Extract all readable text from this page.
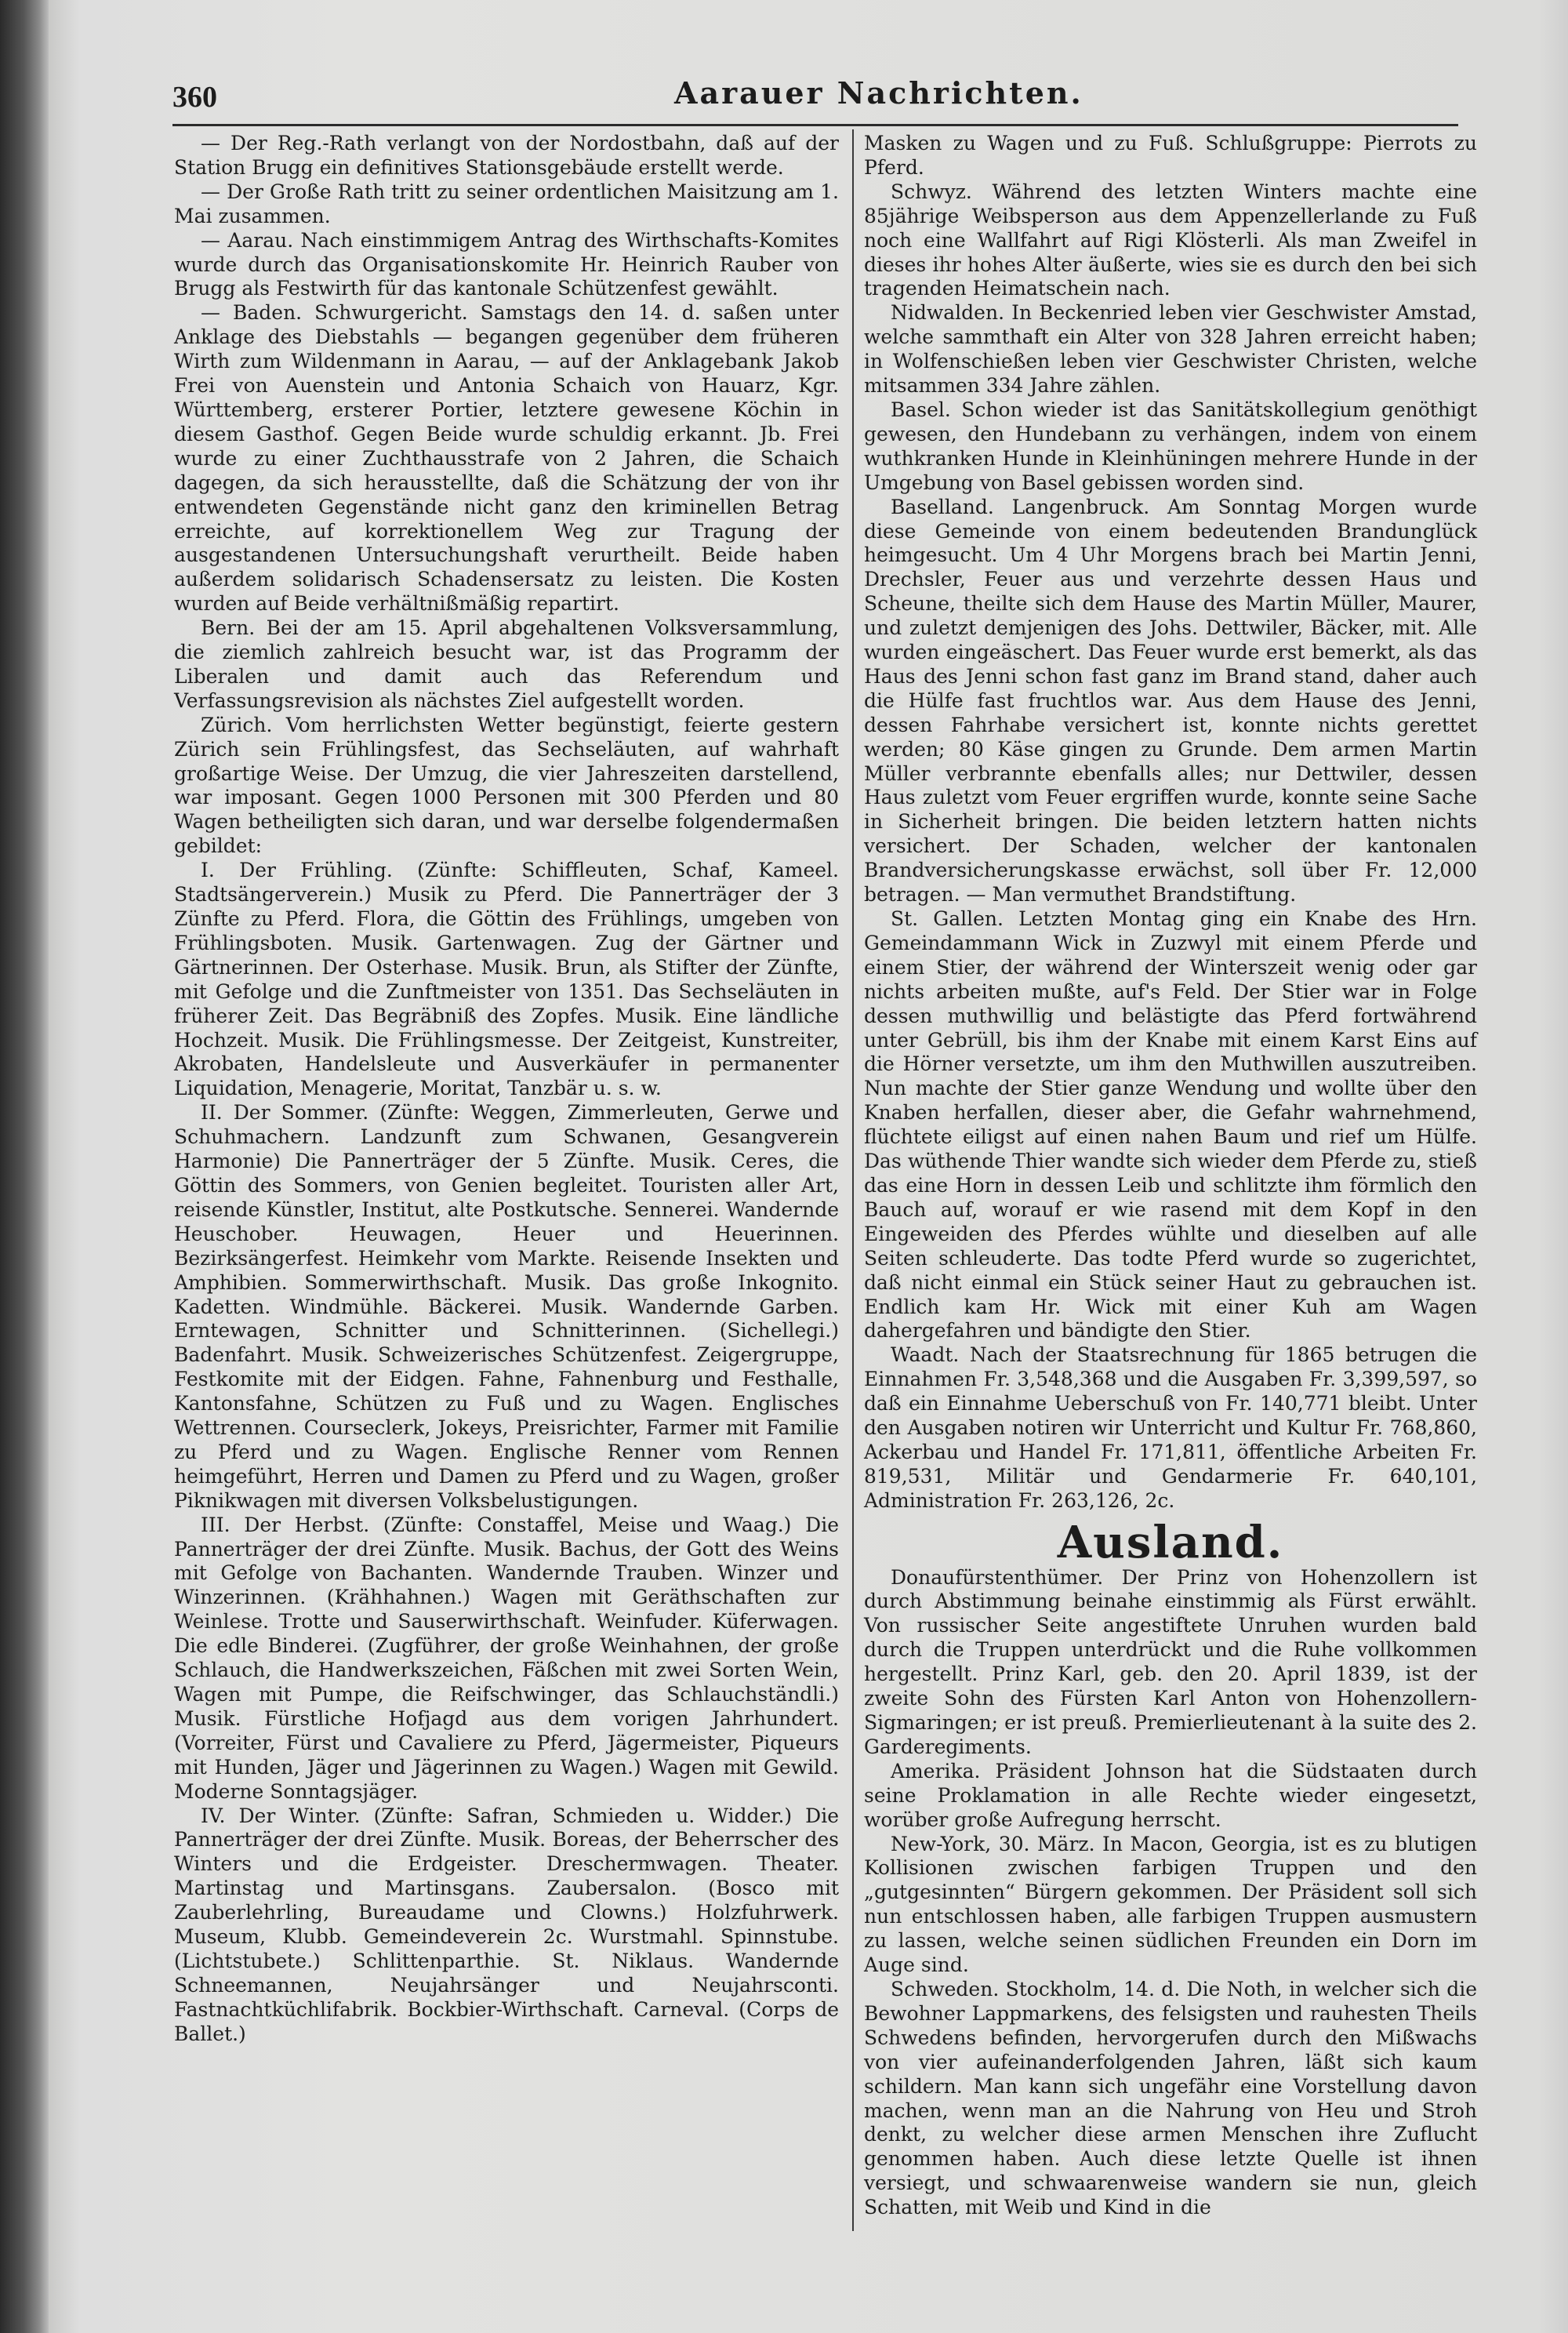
360	Aarauer Nachrichten.

— Der Reg.-Rath verlangt von der Nordostbahn, daß auf der Station Brugg ein definitives Stationsgebäude erstellt werde.

— Der Große Rath tritt zu seiner ordentlichen Maisitzung am 1. Mai zusammen.

— Aarau. Nach einstimmigem Antrag des Wirthschafts-Komites wurde durch das Organisationskomite Hr. Heinrich Rauber von Brugg als Festwirth für das kantonale Schützenfest gewählt.

— Baden. Schwurgericht. Samstags den 14. d. saßen unter Anklage des Diebstahls — begangen gegenüber dem früheren Wirth zum Wildenmann in Aarau, — auf der Anklagebank Jakob Frei von Auenstein und Antonia Schaich von Hauarz, Kgr. Württemberg, ersterer Portier, letztere gewesene Köchin in diesem Gasthof. Gegen Beide wurde schuldig erkannt. Jb. Frei wurde zu einer Zuchthausstrafe von 2 Jahren, die Schaich dagegen, da sich herausstellte, daß die Schätzung der von ihr entwendeten Gegenstände nicht ganz den kriminellen Betrag erreichte, auf korrektionellem Weg zur Tragung der ausgestandenen Untersuchungshaft verurtheilt. Beide haben außerdem solidarisch Schadensersatz zu leisten. Die Kosten wurden auf Beide verhältnißmäßig repartirt.

Bern. Bei der am 15. April abgehaltenen Volksversammlung, die ziemlich zahlreich besucht war, ist das Programm der Liberalen und damit auch das Referendum und Verfassungsrevision als nächstes Ziel aufgestellt worden.

Zürich. Vom herrlichsten Wetter begünstigt, feierte gestern Zürich sein Frühlingsfest, das Sechseläuten, auf wahrhaft großartige Weise. Der Umzug, die vier Jahreszeiten darstellend, war imposant. Gegen 1000 Personen mit 300 Pferden und 80 Wagen betheiligten sich daran, und war derselbe folgendermaßen gebildet:

I. Der Frühling. (Zünfte: Schiffleuten, Schaf, Kameel. Stadtsängerverein.) Musik zu Pferd. Die Pannerträger der 3 Zünfte zu Pferd. Flora, die Göttin des Frühlings, umgeben von Frühlingsboten. Musik. Gartenwagen. Zug der Gärtner und Gärtnerinnen. Der Osterhase. Musik. Brun, als Stifter der Zünfte, mit Gefolge und die Zunftmeister von 1351. Das Sechseläuten in früherer Zeit. Das Begräbniß des Zopfes. Musik. Eine ländliche Hochzeit. Musik. Die Frühlingsmesse. Der Zeitgeist, Kunstreiter, Akrobaten, Handelsleute und Ausverkäufer in permanenter Liquidation, Menagerie, Moritat, Tanzbär u. s. w.

II. Der Sommer. (Zünfte: Weggen, Zimmerleuten, Gerwe und Schuhmachern. Landzunft zum Schwanen, Gesangverein Harmonie) Die Pannerträger der 5 Zünfte. Musik. Ceres, die Göttin des Sommers, von Genien begleitet. Touristen aller Art, reisende Künstler, Institut, alte Postkutsche. Sennerei. Wandernde Heuschober. Heuwagen, Heuer und Heuerinnen. Bezirksängerfest. Heimkehr vom Markte. Reisende Insekten und Amphibien. Sommerwirthschaft. Musik. Das große Inkognito. Kadetten. Windmühle. Bäckerei. Musik. Wandernde Garben. Erntewagen, Schnitter und Schnitterinnen. (Sichellegi.) Badenfahrt. Musik. Schweizerisches Schützenfest. Zeigergruppe, Festkomite mit der Eidgen. Fahne, Fahnenburg und Festhalle, Kantonsfahne, Schützen zu Fuß und zu Wagen. Englisches Wettrennen. Courseclerk, Jokeys, Preisrichter, Farmer mit Familie zu Pferd und zu Wagen. Englische Renner vom Rennen heimgeführt, Herren und Damen zu Pferd und zu Wagen, großer Piknikwagen mit diversen Volksbelustigungen.

III. Der Herbst. (Zünfte: Constaffel, Meise und Waag.) Die Pannerträger der drei Zünfte. Musik. Bachus, der Gott des Weins mit Gefolge von Bachanten. Wandernde Trauben. Winzer und Winzerinnen. (Krähhahnen.) Wagen mit Geräthschaften zur Weinlese. Trotte und Sauserwirthschaft. Weinfuder. Küferwagen. Die edle Binderei. (Zugführer, der große Weinhahnen, der große Schlauch, die Handwerkszeichen, Fäßchen mit zwei Sorten Wein, Wagen mit Pumpe, die Reifschwinger, das Schlauchständli.) Musik. Fürstliche Hofjagd aus dem vorigen Jahrhundert. (Vorreiter, Fürst und Cavaliere zu Pferd, Jägermeister, Piqueurs mit Hunden, Jäger und Jägerinnen zu Wagen.) Wagen mit Gewild. Moderne Sonntagsjäger.

IV. Der Winter. (Zünfte: Safran, Schmieden u. Widder.) Die Pannerträger der drei Zünfte. Musik. Boreas, der Beherrscher des Winters und die Erdgeister. Dreschermwagen. Theater. Martinstag und Martinsgans. Zaubersalon. (Bosco mit Zauberlehrling, Bureaudame und Clowns.) Holzfuhrwerk. Museum, Klubb. Gemeindeverein 2c. Wurstmahl. Spinnstube. (Lichtstubete.) Schlittenparthie. St. Niklaus. Wandernde Schneemannen, Neujahrsänger und Neujahrsconti. Fastnachtküchlifabrik. Bockbier-Wirthschaft. Carneval. (Corps de Ballet.)

Masken zu Wagen und zu Fuß. Schlußgruppe: Pierrots zu Pferd.

Schwyz. Während des letzten Winters machte eine 85jährige Weibsperson aus dem Appenzellerlande zu Fuß noch eine Wallfahrt auf Rigi Klösterli. Als man Zweifel in dieses ihr hohes Alter äußerte, wies sie es durch den bei sich tragenden Heimatschein nach.

Nidwalden. In Beckenried leben vier Geschwister Amstad, welche sammthaft ein Alter von 328 Jahren erreicht haben; in Wolfenschießen leben vier Geschwister Christen, welche mitsammen 334 Jahre zählen.

Basel. Schon wieder ist das Sanitätskollegium genöthigt gewesen, den Hundebann zu verhängen, indem von einem wuthkranken Hunde in Kleinhüningen mehrere Hunde in der Umgebung von Basel gebissen worden sind.

Baselland. Langenbruck. Am Sonntag Morgen wurde diese Gemeinde von einem bedeutenden Brandunglück heimgesucht. Um 4 Uhr Morgens brach bei Martin Jenni, Drechsler, Feuer aus und verzehrte dessen Haus und Scheune, theilte sich dem Hause des Martin Müller, Maurer, und zuletzt demjenigen des Johs. Dettwiler, Bäcker, mit. Alle wurden eingeäschert. Das Feuer wurde erst bemerkt, als das Haus des Jenni schon fast ganz im Brand stand, daher auch die Hülfe fast fruchtlos war. Aus dem Hause des Jenni, dessen Fahrhabe versichert ist, konnte nichts gerettet werden; 80 Käse gingen zu Grunde. Dem armen Martin Müller verbrannte ebenfalls alles; nur Dettwiler, dessen Haus zuletzt vom Feuer ergriffen wurde, konnte seine Sache in Sicherheit bringen. Die beiden letztern hatten nichts versichert. Der Schaden, welcher der kantonalen Brandversicherungskasse erwächst, soll über Fr. 12,000 betragen. — Man vermuthet Brandstiftung.

St. Gallen. Letzten Montag ging ein Knabe des Hrn. Gemeindammann Wick in Zuzwyl mit einem Pferde und einem Stier, der während der Winterszeit wenig oder gar nichts arbeiten mußte, auf's Feld. Der Stier war in Folge dessen muthwillig und belästigte das Pferd fortwährend unter Gebrüll, bis ihm der Knabe mit einem Karst Eins auf die Hörner versetzte, um ihm den Muthwillen auszutreiben. Nun machte der Stier ganze Wendung und wollte über den Knaben herfallen, dieser aber, die Gefahr wahrnehmend, flüchtete eiligst auf einen nahen Baum und rief um Hülfe. Das wüthende Thier wandte sich wieder dem Pferde zu, stieß das eine Horn in dessen Leib und schlitzte ihm förmlich den Bauch auf, worauf er wie rasend mit dem Kopf in den Eingeweiden des Pferdes wühlte und dieselben auf alle Seiten schleuderte. Das todte Pferd wurde so zugerichtet, daß nicht einmal ein Stück seiner Haut zu gebrauchen ist. Endlich kam Hr. Wick mit einer Kuh am Wagen dahergefahren und bändigte den Stier.

Waadt. Nach der Staatsrechnung für 1865 betrugen die Einnahmen Fr. 3,548,368 und die Ausgaben Fr. 3,399,597, so daß ein Einnahme Ueberschuß von Fr. 140,771 bleibt. Unter den Ausgaben notiren wir Unterricht und Kultur Fr. 768,860, Ackerbau und Handel Fr. 171,811, öffentliche Arbeiten Fr. 819,531, Militär und Gendarmerie Fr. 640,101, Administration Fr. 263,126, 2c.

Ausland.

Donaufürstenthümer. Der Prinz von Hohenzollern ist durch Abstimmung beinahe einstimmig als Fürst erwählt. Von russischer Seite angestiftete Unruhen wurden bald durch die Truppen unterdrückt und die Ruhe vollkommen hergestellt. Prinz Karl, geb. den 20. April 1839, ist der zweite Sohn des Fürsten Karl Anton von Hohenzollern-Sigmaringen; er ist preuß. Premierlieutenant à la suite des 2. Garderegiments.

Amerika. Präsident Johnson hat die Südstaaten durch seine Proklamation in alle Rechte wieder eingesetzt, worüber große Aufregung herrscht.

New-York, 30. März. In Macon, Georgia, ist es zu blutigen Kollisionen zwischen farbigen Truppen und den „gutgesinnten“ Bürgern gekommen. Der Präsident soll sich nun entschlossen haben, alle farbigen Truppen ausmustern zu lassen, welche seinen südlichen Freunden ein Dorn im Auge sind.

Schweden. Stockholm, 14. d. Die Noth, in welcher sich die Bewohner Lappmarkens, des felsigsten und rauhesten Theils Schwedens befinden, hervorgerufen durch den Mißwachs von vier aufeinanderfolgenden Jahren, läßt sich kaum schildern. Man kann sich ungefähr eine Vorstellung davon machen, wenn man an die Nahrung von Heu und Stroh denkt, zu welcher diese armen Menschen ihre Zuflucht genommen haben. Auch diese letzte Quelle ist ihnen versiegt, und schwaarenweise wandern sie nun, gleich Schatten, mit Weib und Kind in die
